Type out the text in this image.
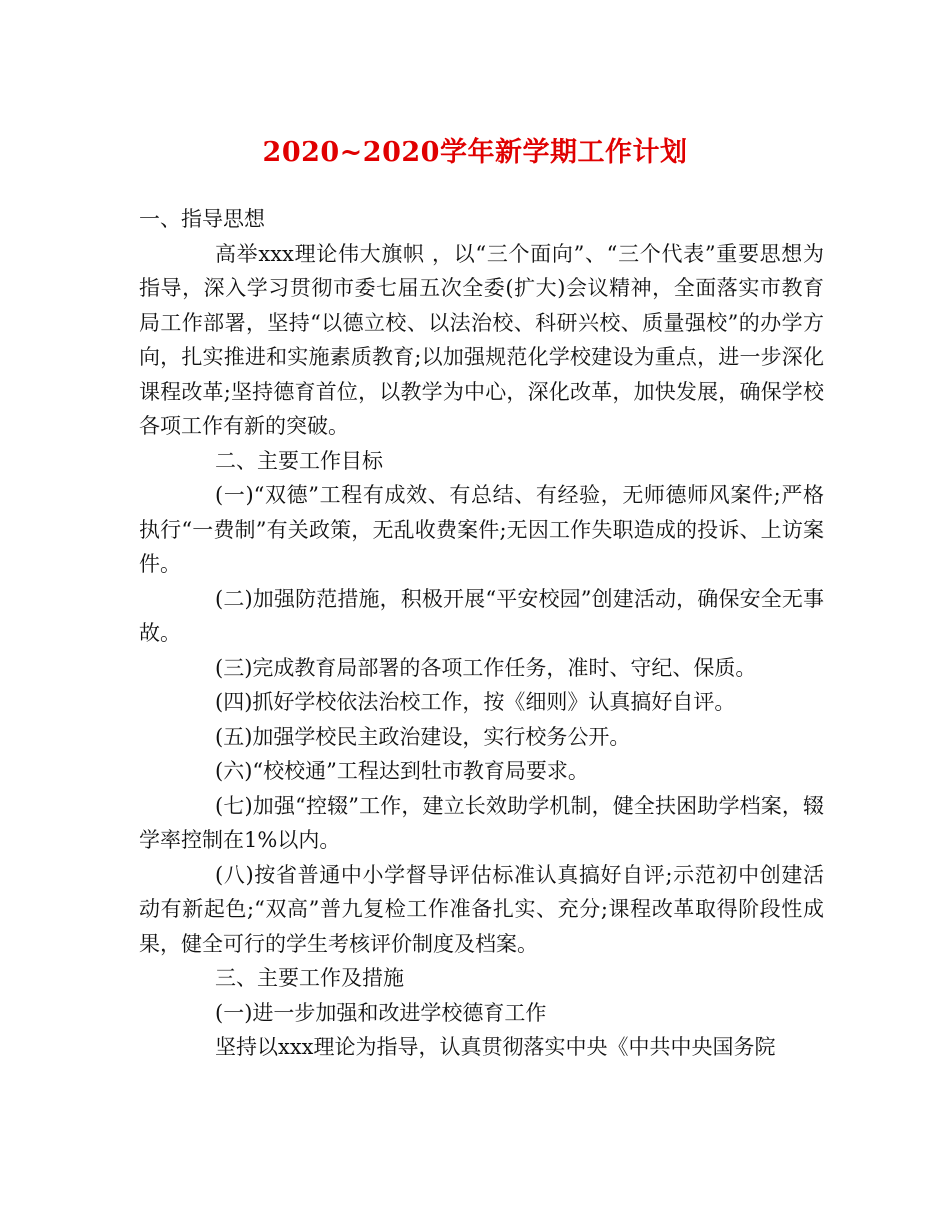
2020~2020学年新学期工作计划

一、指导思想

高举xxx理论伟大旗帜 ，以“三个面向”、“三个代表”重要思想为指导，深入学习贯彻市委七届五次全委(扩大)会议精神，全面落实市教育局工作部署，坚持“以德立校、以法治校、科研兴校、质量强校”的办学方向，扎实推进和实施素质教育;以加强规范化学校建设为重点，进一步深化课程改革;坚持德育首位，以教学为中心，深化改革，加快发展，确保学校各项工作有新的突破。

二、主要工作目标

(一)“双德”工程有成效、有总结、有经验，无师德师风案件;严格执行“一费制”有关政策，无乱收费案件;无因工作失职造成的投诉、上访案件。

(二)加强防范措施，积极开展“平安校园”创建活动，确保安全无事故。

(三)完成教育局部署的各项工作任务，准时、守纪、保质。

(四)抓好学校依法治校工作，按《细则》认真搞好自评。

(五)加强学校民主政治建设，实行校务公开。

(六)“校校通”工程达到牡市教育局要求。

(七)加强“控辍”工作，建立长效助学机制，健全扶困助学档案，辍学率控制在1%以内。

(八)按省普通中小学督导评估标准认真搞好自评;示范初中创建活动有新起色;“双高”普九复检工作准备扎实、充分;课程改革取得阶段性成果，健全可行的学生考核评价制度及档案。

三、主要工作及措施

(一)进一步加强和改进学校德育工作

坚持以xxx理论为指导，认真贯彻落实中央《中共中央国务院
